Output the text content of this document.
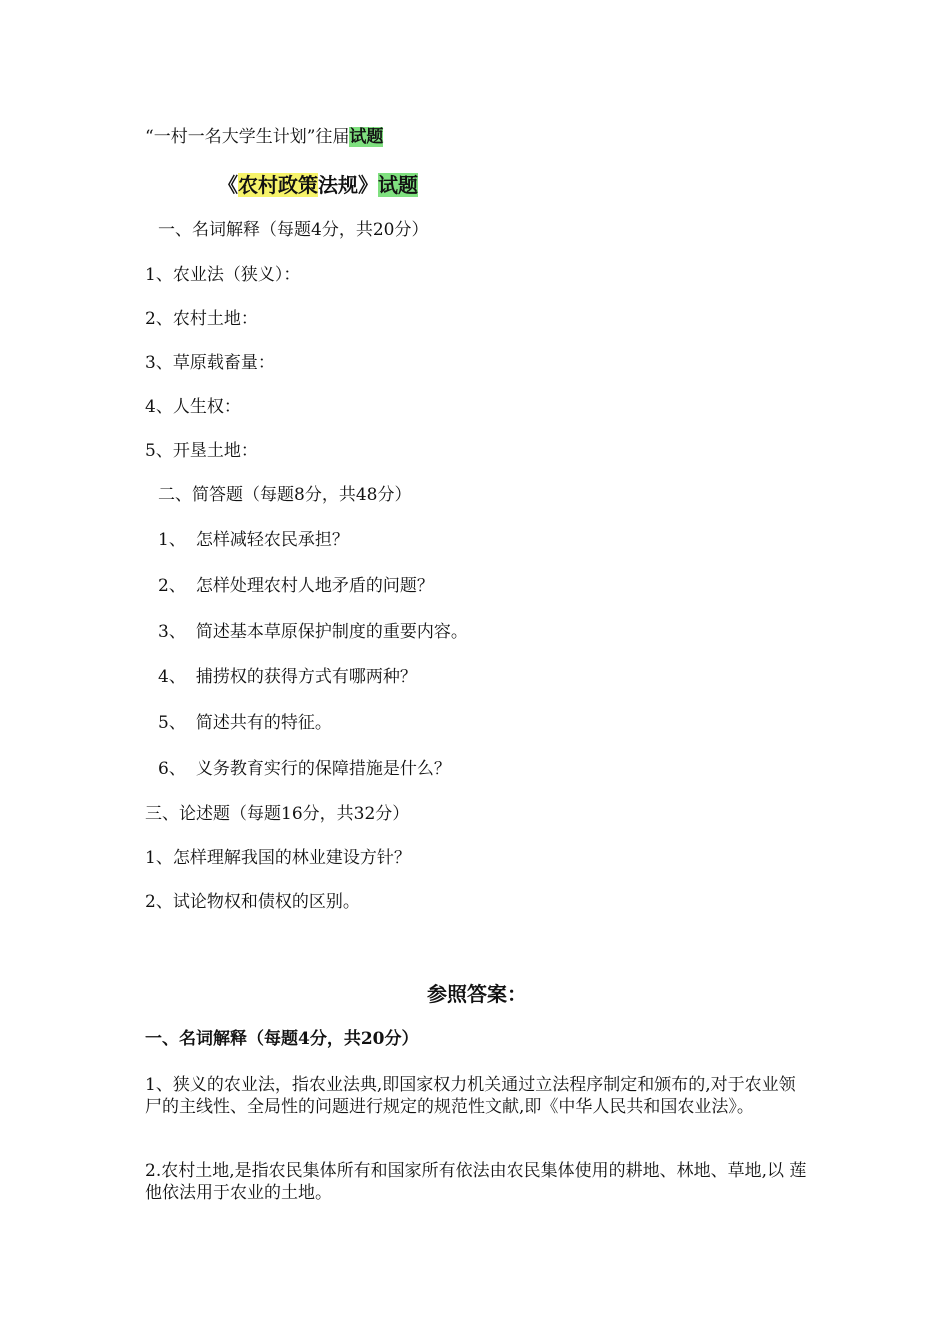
“一村一名大学生计划”往届试题
《农村政策法规》试题
一、名词解释（每题4分，共20分）
1、农业法（狭义）：
2、农村土地：
3、草原载畜量：
4、人生权：
5、开垦土地：
二、简答题（每题8分，共48分）
1、 怎样减轻农民承担？
2、 怎样处理农村人地矛盾的问题？
3、 简述基本草原保护制度的重要内容。
4、 捕捞权的获得方式有哪两种？
5、 简述共有的特征。
6、 义务教育实行的保障措施是什么？
三、论述题（每题16分，共32分）
1、怎样理解我国的林业建设方针？
2、试论物权和债权的区别。
参照答案：
一、名词解释（每题4分，共20分）
1、狭义的农业法，指农业法典,即国家权力机关通过立法程序制定和颁布的,对于农业领 尸的主线性、全局性的问题进行规定的规范性文献,即《中华人民共和国农业法》。
2.农村土地,是指农民集体所有和国家所有依法由农民集体使用的耕地、林地、草地,以 莲他依法用于农业的土地。
